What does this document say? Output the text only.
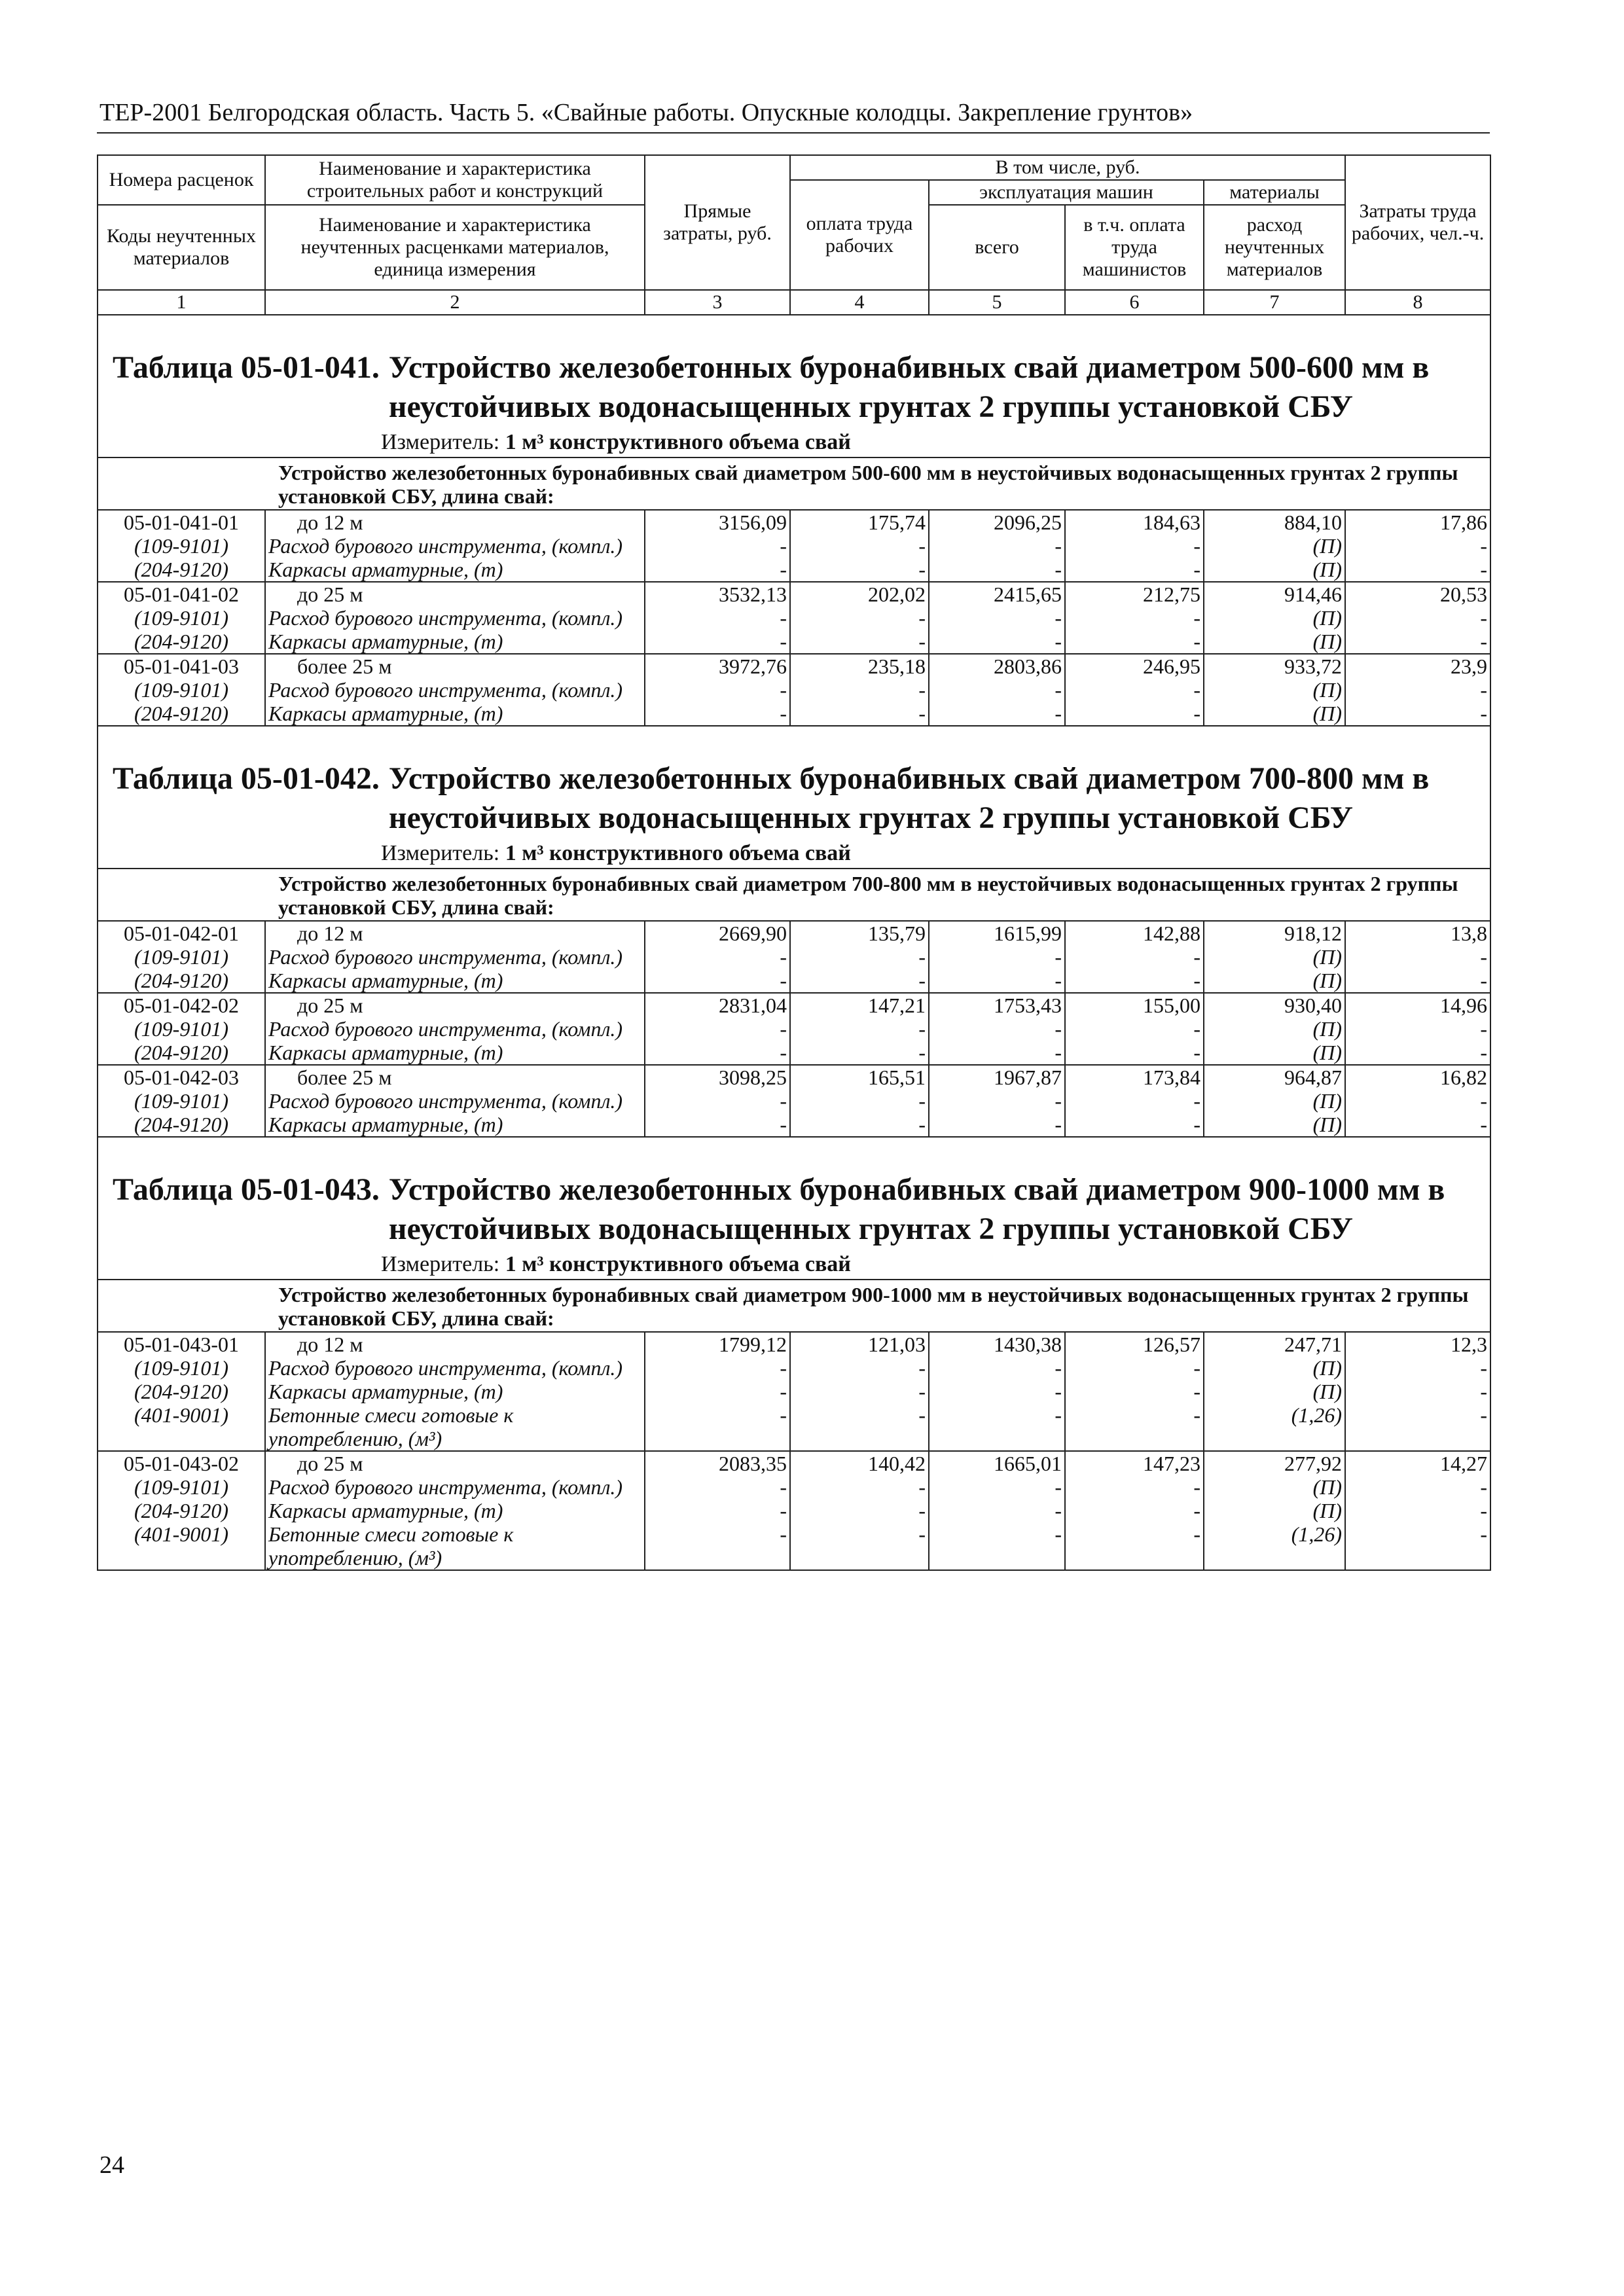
ТЕР-2001 Белгородская область. Часть 5. «Свайные работы. Опускные колодцы. Закрепление грунтов»
Номера расценок	Наименование и характеристика строительных работ и конструкций	Прямые затраты, руб.	В том числе, руб.				Затраты труда рабочих, чел.-ч.
			оплата труда рабочих	эксплуатация машин		материалы	
Коды неучтенных материалов	Наименование и характеристика неучтенных расценками материалов, единица измерения			всего	в т.ч. оплата труда машинистов	расход неучтенных материалов	

1	2	3	4	5	6	7	8

Таблица 05-01-041. Устройство железобетонных буронабивных свай диаметром 500-600 мм в неустойчивых водонасыщенных грунтах 2 группы установкой СБУ
Измеритель: 1 м³ конструктивного объема свай							

Устройство железобетонных буронабивных свай диаметром 500-600 мм в неустойчивых водонасыщенных грунтах 2 группы установкой СБУ, длина свай:							
05-01-041-01	до 12 м	3156,09	175,74	2096,25	184,63	884,10	17,86
(109-9101)	Расход бурового инструмента, (компл.)	-	-	-	-	(П)	-
(204-9120)	Каркасы арматурные, (т)	-	-	-	-	(П)	-
05-01-041-02	до 25 м	3532,13	202,02	2415,65	212,75	914,46	20,53
(109-9101)	Расход бурового инструмента, (компл.)	-	-	-	-	(П)	-
(204-9120)	Каркасы арматурные, (т)	-	-	-	-	(П)	-
05-01-041-03	более 25 м	3972,76	235,18	2803,86	246,95	933,72	23,9
(109-9101)	Расход бурового инструмента, (компл.)	-	-	-	-	(П)	-
(204-9120)	Каркасы арматурные, (т)	-	-	-	-	(П)	-

Таблица 05-01-042. Устройство железобетонных буронабивных свай диаметром 700-800 мм в неустойчивых водонасыщенных грунтах 2 группы установкой СБУ
Измеритель: 1 м³ конструктивного объема свай							

Устройство железобетонных буронабивных свай диаметром 700-800 мм в неустойчивых водонасыщенных грунтах 2 группы установкой СБУ, длина свай:							
05-01-042-01	до 12 м	2669,90	135,79	1615,99	142,88	918,12	13,8
(109-9101)	Расход бурового инструмента, (компл.)	-	-	-	-	(П)	-
(204-9120)	Каркасы арматурные, (т)	-	-	-	-	(П)	-
05-01-042-02	до 25 м	2831,04	147,21	1753,43	155,00	930,40	14,96
(109-9101)	Расход бурового инструмента, (компл.)	-	-	-	-	(П)	-
(204-9120)	Каркасы арматурные, (т)	-	-	-	-	(П)	-
05-01-042-03	более 25 м	3098,25	165,51	1967,87	173,84	964,87	16,82
(109-9101)	Расход бурового инструмента, (компл.)	-	-	-	-	(П)	-
(204-9120)	Каркасы арматурные, (т)	-	-	-	-	(П)	-

Таблица 05-01-043. Устройство железобетонных буронабивных свай диаметром 900-1000 мм в неустойчивых водонасыщенных грунтах 2 группы установкой СБУ
Измеритель: 1 м³ конструктивного объема свай							

Устройство железобетонных буронабивных свай диаметром 900-1000 мм в неустойчивых водонасыщенных грунтах 2 группы установкой СБУ, длина свай:							
05-01-043-01	до 12 м	1799,12	121,03	1430,38	126,57	247,71	12,3
(109-9101)	Расход бурового инструмента, (компл.)	-	-	-	-	(П)	-
(204-9120)	Каркасы арматурные, (т)	-	-	-	-	(П)	-
(401-9001)	Бетонные смеси готовые к употреблению, (м³)	-	-	-	-	(1,26)	-
05-01-043-02	до 25 м	2083,35	140,42	1665,01	147,23	277,92	14,27
(109-9101)	Расход бурового инструмента, (компл.)	-	-	-	-	(П)	-
(204-9120)	Каркасы арматурные, (т)	-	-	-	-	(П)	-
(401-9001)	Бетонные смеси готовые к употреблению, (м³)	-	-	-	-	(1,26)	-
24
